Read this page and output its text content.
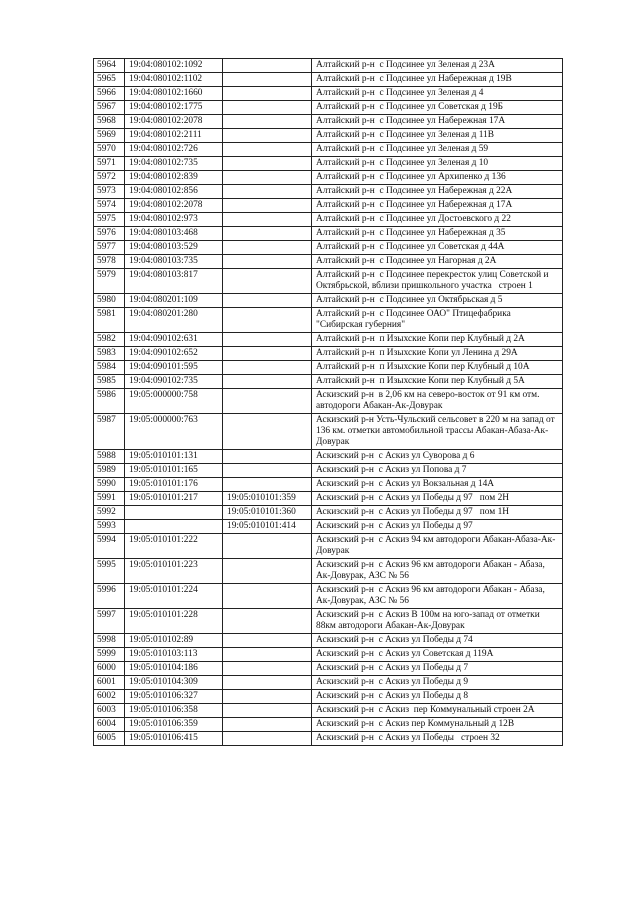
5964	19:04:080102:1092		Алтайский р-н  с Подсинее ул Зеленая д 23А
5965	19:04:080102:1102		Алтайский р-н  с Подсинее ул Набережная д 19В
5966	19:04:080102:1660		Алтайский р-н  с Подсинее ул Зеленая д 4
5967	19:04:080102:1775		Алтайский р-н  с Подсинее ул Советская д 19Б
5968	19:04:080102:2078		Алтайский р-н  с Подсинее ул Набережная 17А
5969	19:04:080102:2111		Алтайский р-н  с Подсинее ул Зеленая д 11В
5970	19:04:080102:726		Алтайский р-н  с Подсинее ул Зеленая д 59
5971	19:04:080102:735		Алтайский р-н  с Подсинее ул Зеленая д 10
5972	19:04:080102:839		Алтайский р-н  с Подсинее ул Архипенко д 136
5973	19:04:080102:856		Алтайский р-н  с Подсинее ул Набережная д 22А
5974	19:04:080102:2078		Алтайский р-н  с Подсинее ул Набережная д 17А
5975	19:04:080102:973		Алтайский р-н  с Подсинее ул Достоевского д 22
5976	19:04:080103:468		Алтайский р-н  с Подсинее ул Набережная д 35
5977	19:04:080103:529		Алтайский р-н  с Подсинее ул Советская д 44А
5978	19:04:080103:735		Алтайский р-н  с Подсинее ул Нагорная д 2А
5979	19:04:080103:817		Алтайский р-н  с Подсинее перекресток улиц Советской и Октябрьской, вблизи пришкольного участка   строен 1
5980	19:04:080201:109		Алтайский р-н  с Подсинее ул Октябрьская д 5
5981	19:04:080201:280		Алтайский р-н  с Подсинее ОАО" Птицефабрика "Сибирская губерния"
5982	19:04:090102:631		Алтайский р-н  п Изыхские Копи пер Клубный д 2А
5983	19:04:090102:652		Алтайский р-н  п Изыхские Копи ул Ленина д 29А
5984	19:04:090101:595		Алтайский р-н  п Изыхские Копи пер Клубный д 10А
5985	19:04:090102:735		Алтайский р-н  п Изыхские Копи пер Клубный д 5А
5986	19:05:000000:758		Аскизский р-н  в 2,06 км на северо-восток от 91 км отм. автодороги Абакан-Ак-Довурак
5987	19:05:000000:763		Аскизский р-н Усть-Чульский сельсовет в 220 м на запад от 136 км. отметки автомобильной трассы Абакан-Абаза-Ак-Довурак
5988	19:05:010101:131		Аскизский р-н  с Аскиз ул Суворова д 6
5989	19:05:010101:165		Аскизский р-н  с Аскиз ул Попова д 7
5990	19:05:010101:176		Аскизский р-н  с Аскиз ул Вокзальная д 14А
5991	19:05:010101:217	19:05:010101:359	Аскизский р-н  с Аскиз ул Победы д 97   пом 2Н
5992		19:05:010101:360	Аскизский р-н  с Аскиз ул Победы д 97   пом 1Н
5993		19:05:010101:414	Аскизский р-н  с Аскиз ул Победы д 97
5994	19:05:010101:222		Аскизский р-н  с Аскиз 94 км автодороги Абакан-Абаза-Ак-Довурак
5995	19:05:010101:223		Аскизский р-н  с Аскиз 96 км автодороги Абакан - Абаза, Ак-Довурак, АЗС № 56
5996	19:05:010101:224		Аскизский р-н  с Аскиз 96 км автодороги Абакан - Абаза, Ак-Довурак, АЗС № 56
5997	19:05:010101:228		Аскизский р-н  с Аскиз В 100м на юго-запад от отметки 88км автодороги Абакан-Ак-Довурак
5998	19:05:010102:89		Аскизский р-н  с Аскиз ул Победы д 74
5999	19:05:010103:113		Аскизский р-н  с Аскиз ул Советская д 119А
6000	19:05:010104:186		Аскизский р-н  с Аскиз ул Победы д 7
6001	19:05:010104:309		Аскизский р-н  с Аскиз ул Победы д 9
6002	19:05:010106:327		Аскизский р-н  с Аскиз ул Победы д 8
6003	19:05:010106:358		Аскизский р-н  с Аскиз  пер Коммунальный строен 2А
6004	19:05:010106:359		Аскизский р-н  с Аскиз пер Коммунальный д 12В
6005	19:05:010106:415		Аскизский р-н  с Аскиз ул Победы   строен 32
